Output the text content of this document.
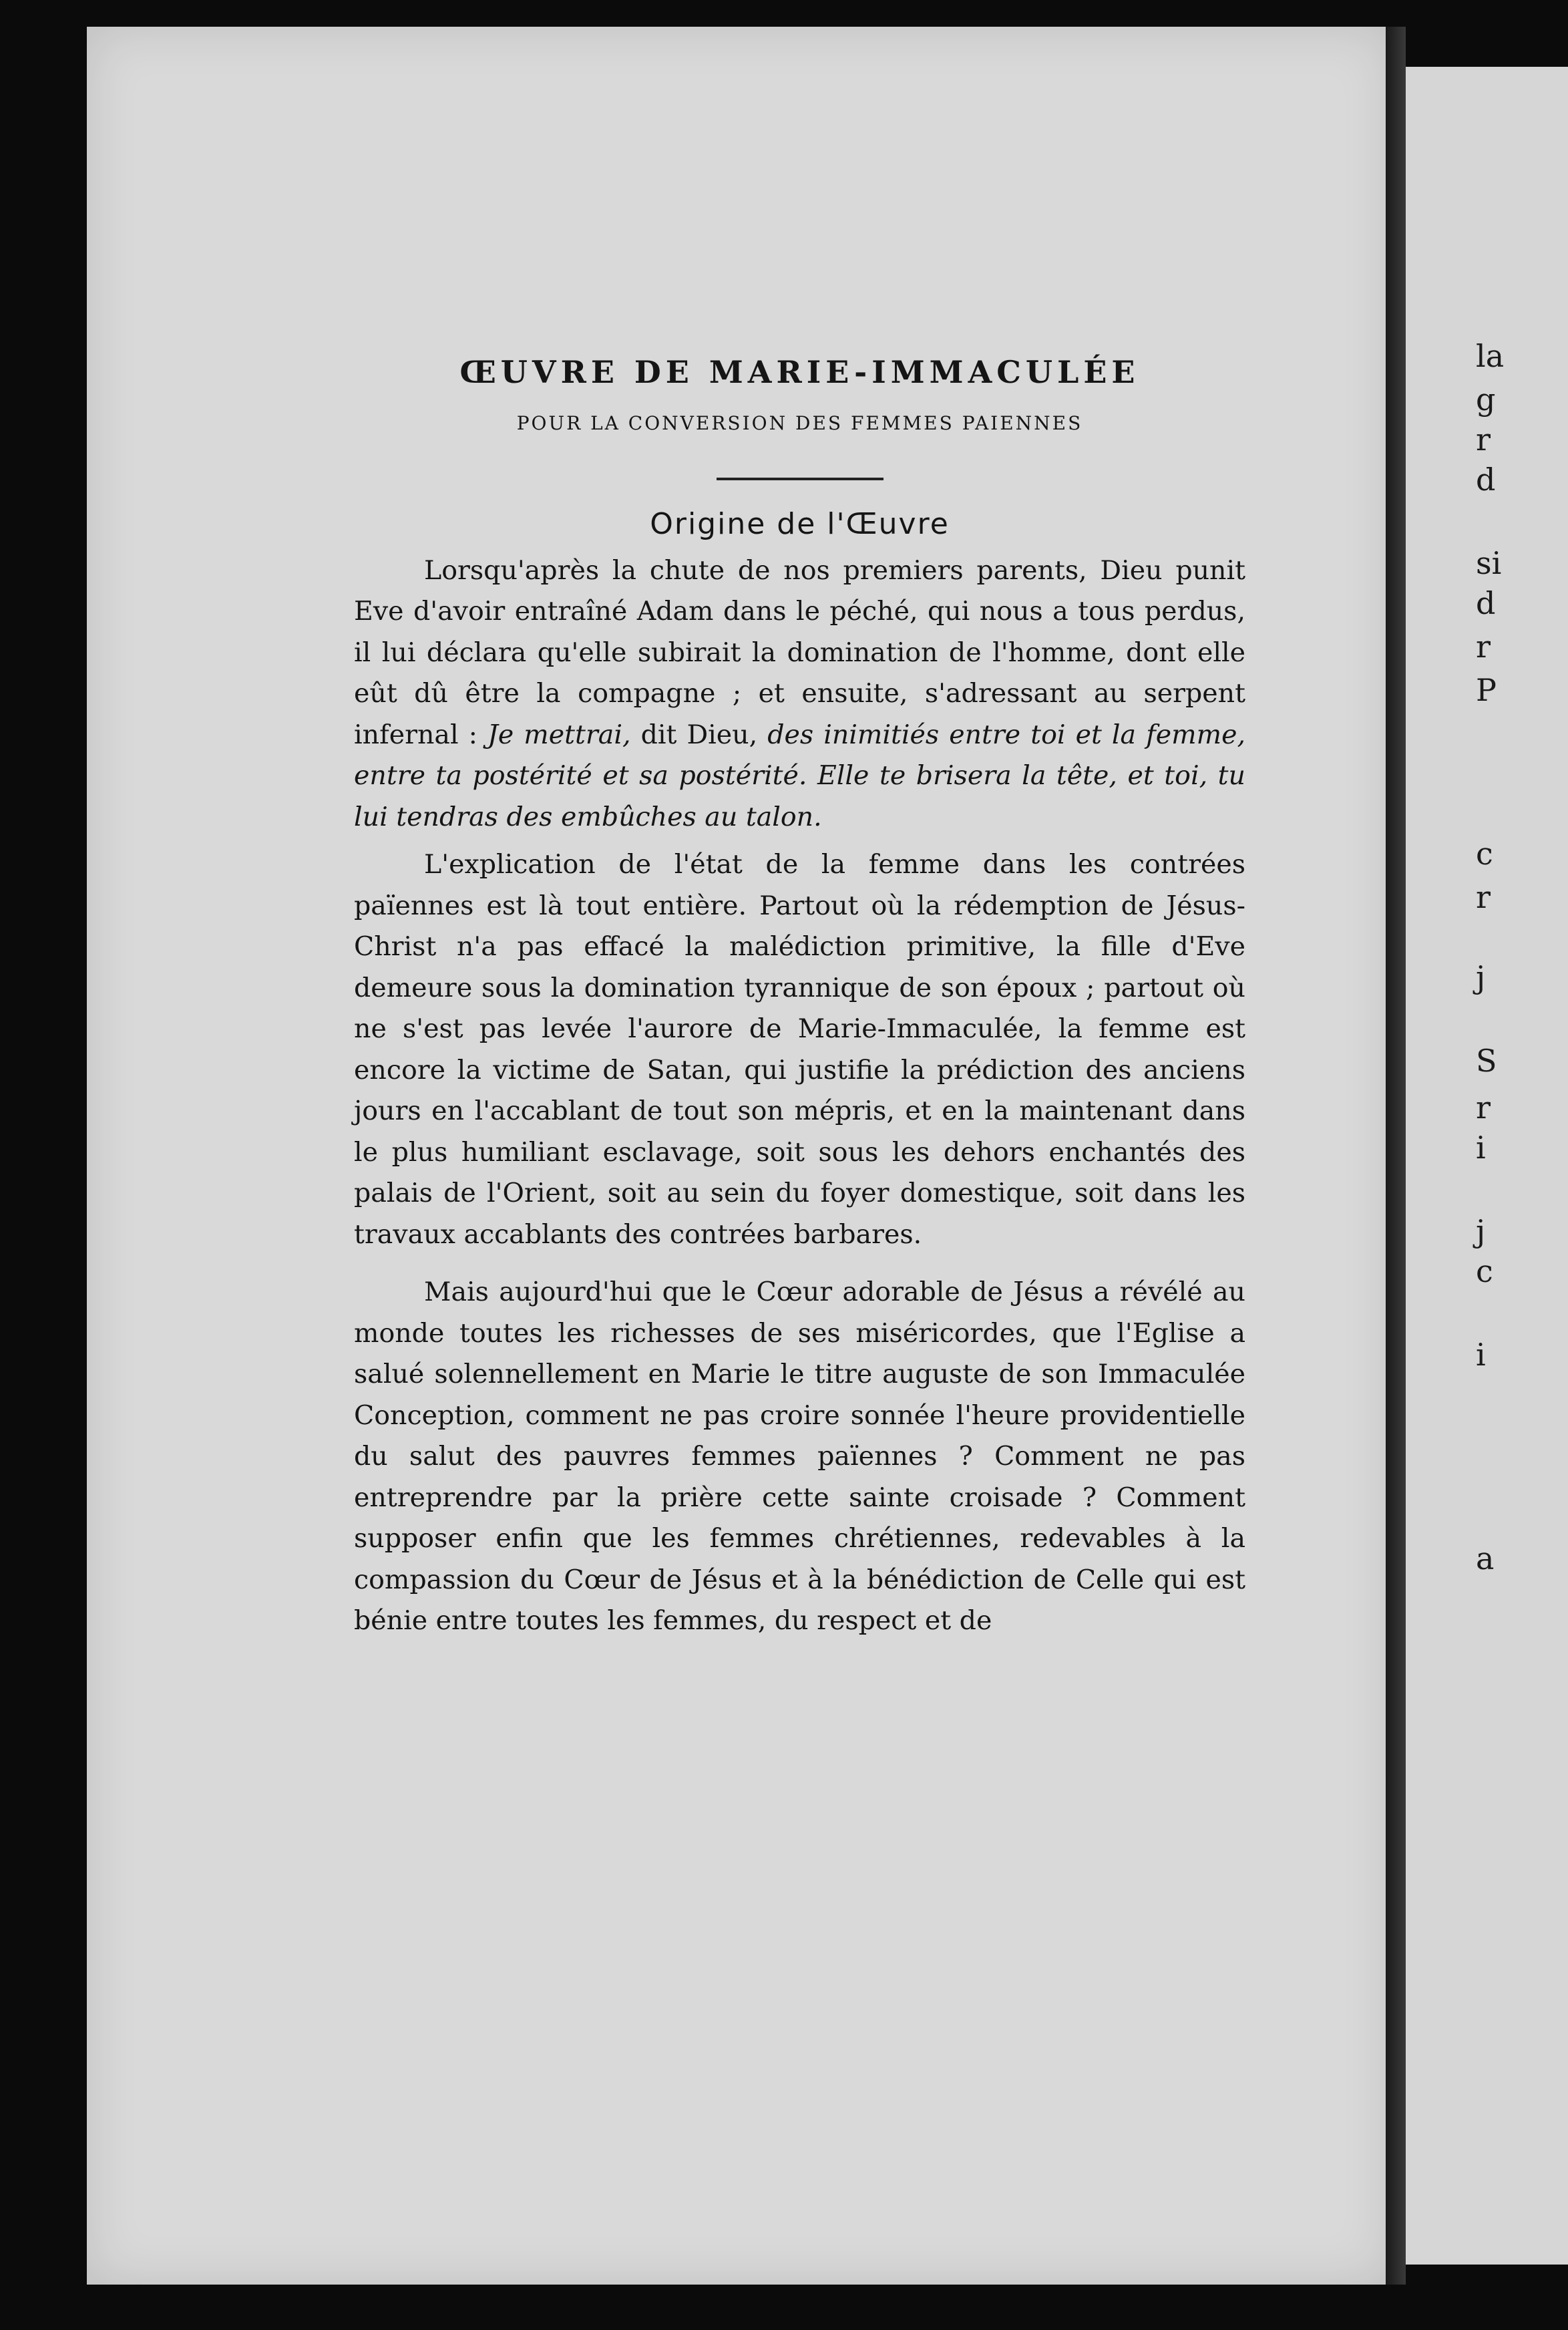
la
g
r
d
si
d
r
P
c
r
j
S
r
i
j
c
i
a
ŒUVRE DE MARIE-IMMACULÉE
POUR LA CONVERSION DES FEMMES PAIENNES
Origine de l'Œuvre

Lorsqu'après la chute de nos premiers parents, Dieu punit Eve d'avoir entraîné Adam dans le péché, qui nous a tous perdus, il lui déclara qu'elle subirait la domination de l'homme, dont elle eût dû être la compagne ; et ensuite, s'adressant au serpent infernal : Je mettrai, dit Dieu, des inimitiés entre toi et la femme, entre ta postérité et sa postérité. Elle te brisera la tête, et toi, tu lui tendras des embûches au talon.

L'explication de l'état de la femme dans les contrées païennes est là tout entière. Partout où la rédemption de Jésus-Christ n'a pas effacé la malédiction primitive, la fille d'Eve demeure sous la domination tyrannique de son époux ; partout où ne s'est pas levée l'aurore de Marie-Immaculée, la femme est encore la victime de Satan, qui justifie la prédiction des anciens jours en l'accablant de tout son mépris, et en la maintenant dans le plus humiliant esclavage, soit sous les dehors enchantés des palais de l'Orient, soit au sein du foyer domestique, soit dans les travaux accablants des contrées barbares.

Mais aujourd'hui que le Cœur adorable de Jésus a révélé au monde toutes les richesses de ses miséricordes, que l'Eglise a salué solennellement en Marie le titre auguste de son Immaculée Conception, comment ne pas croire sonnée l'heure providentielle du salut des pauvres femmes païennes ? Comment ne pas entreprendre par la prière cette sainte croisade ? Comment supposer enfin que les femmes chrétiennes, redevables à la compassion du Cœur de Jésus et à la bénédiction de Celle qui est bénie entre toutes les femmes, du respect et de
